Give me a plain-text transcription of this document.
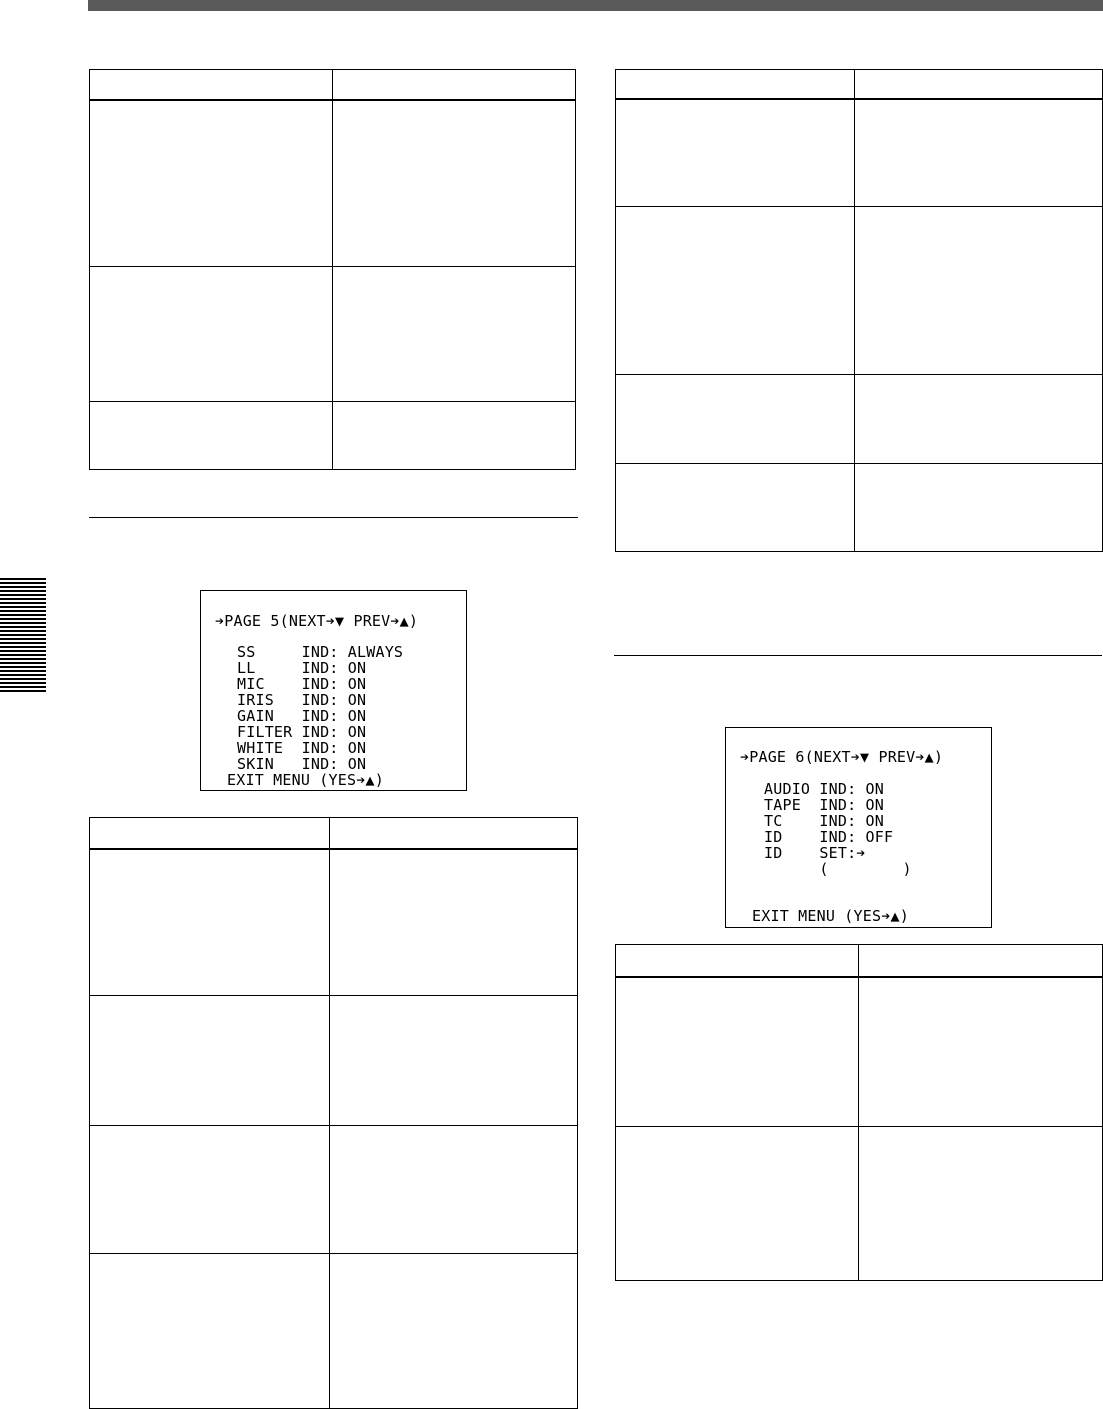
➔PAGE 5(NEXT➔▼ PREV➔▲)
SS     IND: ALWAYS
LL     IND: ON
MIC    IND: ON
IRIS   IND: ON
GAIN   IND: ON
FILTER IND: ON
WHITE  IND: ON
SKIN   IND: ON
EXIT MENU (YES➔▲)

➔PAGE 6(NEXT➔▼ PREV➔▲)
AUDIO IND: ON
TAPE  IND: ON
TC    IND: ON
ID    IND: OFF
ID    SET:➔
(        )
EXIT MENU (YES➔▲)
